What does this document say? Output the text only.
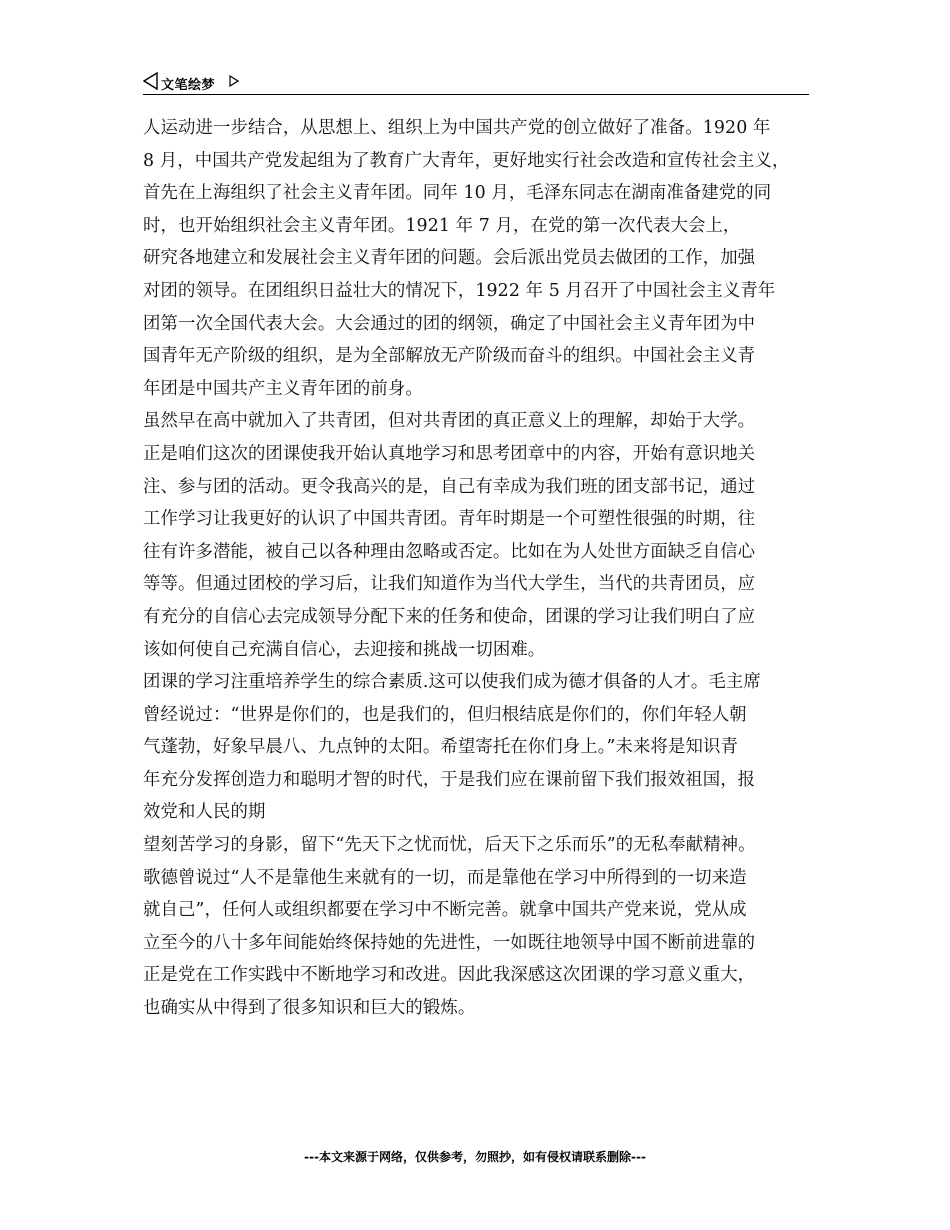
文笔绘梦
人运动进一步结合，从思想上、组织上为中国共产党的创立做好了准备。1920 年
8 月，中国共产党发起组为了教育广大青年，更好地实行社会改造和宣传社会主义，
首先在上海组织了社会主义青年团。同年 10 月，毛泽东同志在湖南准备建党的同
时，也开始组织社会主义青年团。1921 年 7 月，在党的第一次代表大会上，
研究各地建立和发展社会主义青年团的问题。会后派出党员去做团的工作，加强
对团的领导。在团组织日益壮大的情况下，1922 年 5 月召开了中国社会主义青年
团第一次全国代表大会。大会通过的团的纲领，确定了中国社会主义青年团为中
国青年无产阶级的组织，是为全部解放无产阶级而奋斗的组织。中国社会主义青
年团是中国共产主义青年团的前身。
虽然早在高中就加入了共青团，但对共青团的真正意义上的理解，却始于大学。
正是咱们这次的团课使我开始认真地学习和思考团章中的内容，开始有意识地关
注、参与团的活动。更令我高兴的是，自己有幸成为我们班的团支部书记，通过
工作学习让我更好的认识了中国共青团。青年时期是一个可塑性很强的时期，往
往有许多潜能，被自己以各种理由忽略或否定。比如在为人处世方面缺乏自信心
等等。但通过团校的学习后，让我们知道作为当代大学生，当代的共青团员，应
有充分的自信心去完成领导分配下来的任务和使命，团课的学习让我们明白了应
该如何使自己充满自信心，去迎接和挑战一切困难。
团课的学习注重培养学生的综合素质.这可以使我们成为德才俱备的人才。毛主席
曾经说过：“世界是你们的，也是我们的，但归根结底是你们的，你们年轻人朝
气蓬勃，好象早晨八、九点钟的太阳。希望寄托在你们身上。”未来将是知识青
年充分发挥创造力和聪明才智的时代，于是我们应在课前留下我们报效祖国，报
效党和人民的期
望刻苦学习的身影，留下“先天下之忧而忧，后天下之乐而乐”的无私奉献精神。
歌德曾说过“人不是靠他生来就有的一切，而是靠他在学习中所得到的一切来造
就自己”，任何人或组织都要在学习中不断完善。就拿中国共产党来说，党从成
立至今的八十多年间能始终保持她的先进性，一如既往地领导中国不断前进靠的
正是党在工作实践中不断地学习和改进。因此我深感这次团课的学习意义重大，
也确实从中得到了很多知识和巨大的锻炼。
---本文来源于网络，仅供参考，勿照抄，如有侵权请联系删除---
